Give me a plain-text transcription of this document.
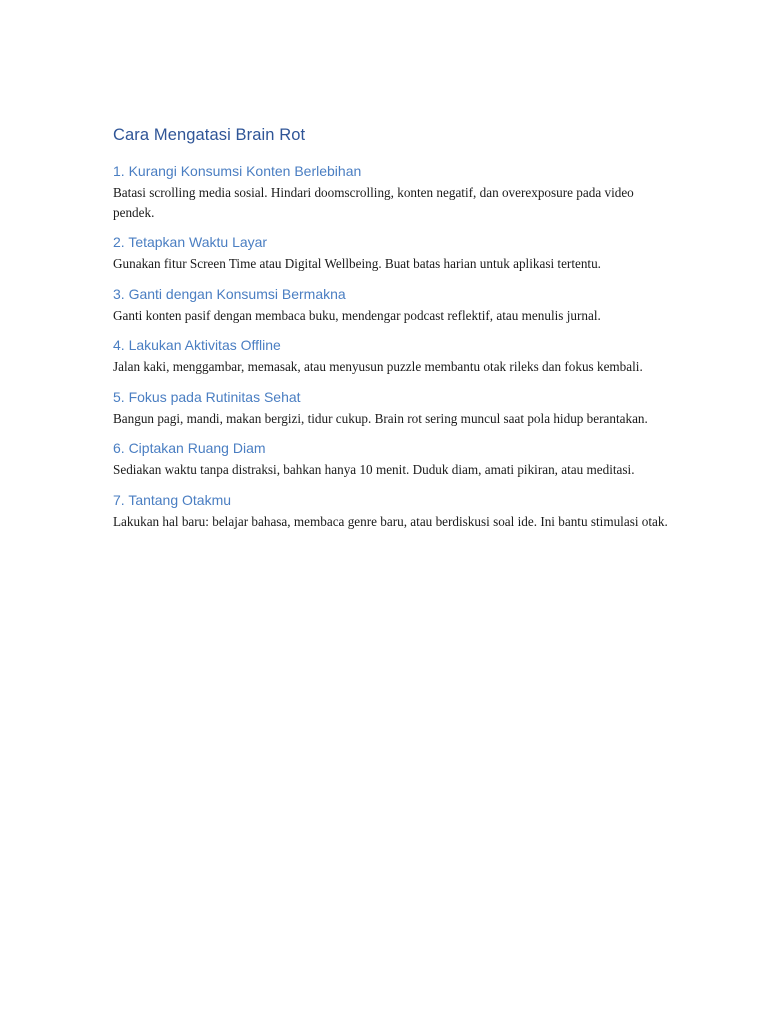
Cara Mengatasi Brain Rot
1. Kurangi Konsumsi Konten Berlebihan

Batasi scrolling media sosial. Hindari doomscrolling, konten negatif, dan overexposure pada video pendek.

2. Tetapkan Waktu Layar

Gunakan fitur Screen Time atau Digital Wellbeing. Buat batas harian untuk aplikasi tertentu.

3. Ganti dengan Konsumsi Bermakna

Ganti konten pasif dengan membaca buku, mendengar podcast reflektif, atau menulis jurnal.

4. Lakukan Aktivitas Offline

Jalan kaki, menggambar, memasak, atau menyusun puzzle membantu otak rileks dan fokus kembali.

5. Fokus pada Rutinitas Sehat

Bangun pagi, mandi, makan bergizi, tidur cukup. Brain rot sering muncul saat pola hidup berantakan.

6. Ciptakan Ruang Diam

Sediakan waktu tanpa distraksi, bahkan hanya 10 menit. Duduk diam, amati pikiran, atau meditasi.

7. Tantang Otakmu

Lakukan hal baru: belajar bahasa, membaca genre baru, atau berdiskusi soal ide. Ini bantu stimulasi otak.
